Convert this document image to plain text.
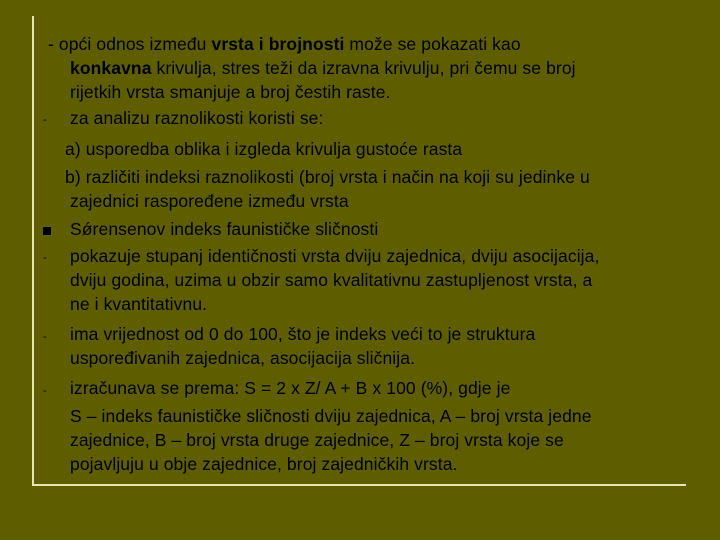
- opći odnos između vrsta i brojnosti može se pokazati kao
konkavna krivulja, stres teži da izravna krivulju, pri čemu se broj
rijetkih vrsta smanjuje a broj čestih raste.
- za analizu raznolikosti koristi se:
a) usporedba oblika i izgleda krivulja gustoće rasta
b) različiti indeksi raznolikosti (broj vrsta i način na koji su jedinke u
zajednici raspoređene između vrsta
Sǿrensenov indeks faunističke sličnosti
- pokazuje stupanj identičnosti vrsta dviju zajednica, dviju asocijacija,
dviju godina, uzima u obzir samo kvalitativnu zastupljenost vrsta, a
ne i kvantitativnu.
- ima vrijednost od 0 do 100, što je indeks veći to je struktura
uspoređivanih zajednica, asocijacija sličnija.
- izračunava se prema: S = 2 x Z/ A + B x 100 (%), gdje je
S – indeks faunističke sličnosti dviju zajednica, A – broj vrsta jedne
zajednice, B – broj vrsta druge zajednice, Z – broj vrsta koje se
pojavljuju u obje zajednice, broj zajedničkih vrsta.
